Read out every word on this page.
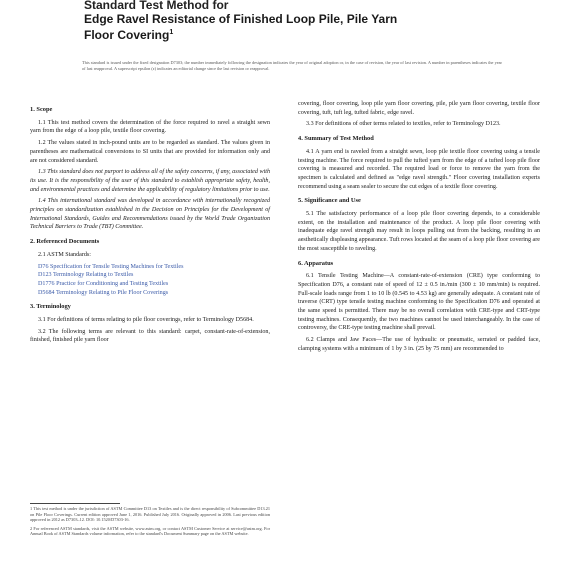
Standard Test Method for
Edge Ravel Resistance of Finished Loop Pile, Pile Yarn
Floor Covering$^1$
This standard is issued under the fixed designation D7303; the number immediately following the designation indicates the year of original adoption or, in the case of revision, the year of last revision. A number in parentheses indicates the year of last reapproval. A superscript epsilon (ε) indicates an editorial change since the last revision or reapproval.
1. Scope

1.1 This test method covers the determination of the force required to ravel a straight sewn yarn from the edge of a loop pile, textile floor covering.

1.2 The values stated in inch-pound units are to be regarded as standard. The values given in parentheses are mathematical conversions to SI units that are provided for information only and are not considered standard.

1.3 This standard does not purport to address all of the safety concerns, if any, associated with its use. It is the responsibility of the user of this standard to establish appropriate safety, health, and environmental practices and determine the applicability of regulatory limitations prior to use.

1.4 This international standard was developed in accordance with internationally recognized principles on standardization established in the Decision on Principles for the Development of International Standards, Guides and Recommendations issued by the World Trade Organization Technical Barriers to Trade (TBT) Committee.

2. Referenced Documents

2.1 ASTM Standards:

D76 Specification for Tensile Testing Machines for Textiles
D123 Terminology Relating to Textiles
D1776 Practice for Conditioning and Testing Textiles
D5684 Terminology Relating to Pile Floor Coverings
3. Terminology

3.1 For definitions of terms relating to pile floor coverings, refer to Terminology D5684.

3.2 The following terms are relevant to this standard: carpet, constant-rate-of-extension, finished, finished pile yarn floor

covering, floor covering, loop pile yarn floor covering, pile, pile yarn floor covering, textile floor covering, tuft, tuft leg, tufted fabric, edge ravel.

3.3 For definitions of other terms related to textiles, refer to Terminology D123.

4. Summary of Test Method

4.1 A yarn end is raveled from a straight sewn, loop pile textile floor covering using a tensile testing machine. The force required to pull the tufted yarn from the edge of a tufted loop pile floor covering is measured and recorded. The required load or force to remove the yarn from the specimen is calculated and defined as "edge ravel strength." Floor covering installation experts recommend using a seam sealer to secure the cut edges of a textile floor covering.

5. Significance and Use

5.1 The satisfactory performance of a loop pile floor covering depends, to a considerable extent, on the installation and maintenance of the product. A loop pile floor covering with inadequate edge ravel strength may result in loops pulling out from the backing, resulting in an aesthetically displeasing appearance. Tuft rows located at the seam of a loop pile floor covering are the most susceptible to raveling.

6. Apparatus

6.1 Tensile Testing Machine—A constant-rate-of-extension (CRE) type conforming to Specification D76, a constant rate of speed of 12 ± 0.5 in./min (300 ± 10 mm/min) is required. Full-scale loads range from 1 to 10 lb (0.545 to 4.53 kg) are generally adequate. A constant rate of traverse (CRT) type tensile testing machine conforming to the Specification D76 and operated at the same speed is permitted. There may be no overall correlation with CRE-type and CRT-type testing machines. Consequently, the two machines cannot be used interchangeably. In the case of controversy, the CRE-type testing machine shall prevail.

6.2 Clamps and Jaw Faces—The use of hydraulic or pneumatic, serrated or padded face, clamping systems with a minimum of 1 by 3 in. (25 by 75 mm) are recommended to

1 This test method is under the jurisdiction of ASTM Committee D13 on Textiles and is the direct responsibility of Subcommittee D13.21 on Pile Floor Coverings. Current edition approved June 1, 2016. Published July 2016. Originally approved in 2006. Last previous edition approved in 2012 as D7303–12. DOI: 10.1520/D7303-16.

2 For referenced ASTM standards, visit the ASTM website, www.astm.org, or contact ASTM Customer Service at service@astm.org. For Annual Book of ASTM Standards volume information, refer to the standard's Document Summary page on the ASTM website.
